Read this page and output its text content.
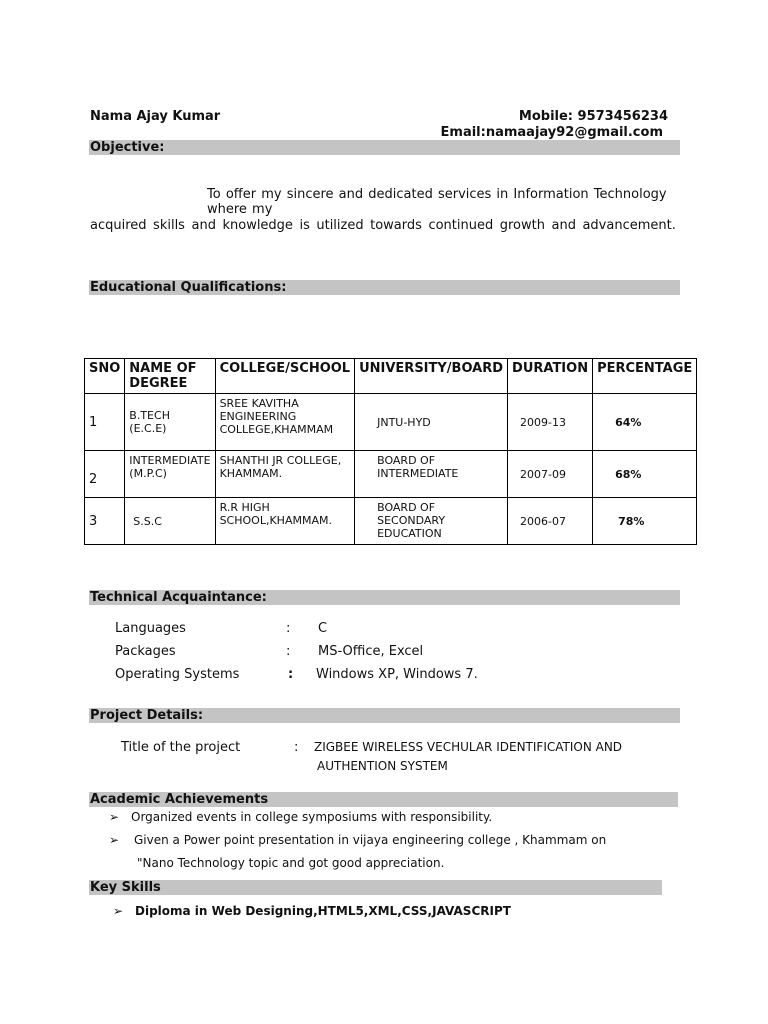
Nama Ajay Kumar	Mobile: 9573456234
Email:namaajay92@gmail.com
Objective:
To offer my sincere and dedicated services in Information Technology where my
acquired skills and knowledge is utilized towards continued growth and advancement.
Educational Qualifications:
SNO	NAME OF DEGREE	COLLEGE/SCHOOL	UNIVERSITY/BOARD	DURATION	PERCENTAGE
1	B.TECH (E.C.E)	SREE KAVITHA ENGINEERING COLLEGE,KHAMMAM	JNTU-HYD	2009-13	64%
2	INTERMEDIATE (M.P.C)	SHANTHI JR COLLEGE, KHAMMAM.	BOARD OF INTERMEDIATE	2007-09	68%
3	S.S.C	R.R HIGH SCHOOL,KHAMMAM.	BOARD OF SECONDARY EDUCATION	2006-07	78%
Technical Acquaintance:
Languages	: C
Packages	: MS-Office, Excel
Operating Systems	: Windows XP, Windows 7.
Project Details:
Title of the project	: ZIGBEE WIRELESS VECHULAR IDENTIFICATION AND
AUTHENTION SYSTEM
Academic Achievements
➢ Organized events in college symposiums with responsibility.
➢ Given a Power point presentation in vijaya engineering college , Khammam on
"Nano Technology topic and got good appreciation.
Key Skills
➢ Diploma in Web Designing,HTML5,XML,CSS,JAVASCRIPT
